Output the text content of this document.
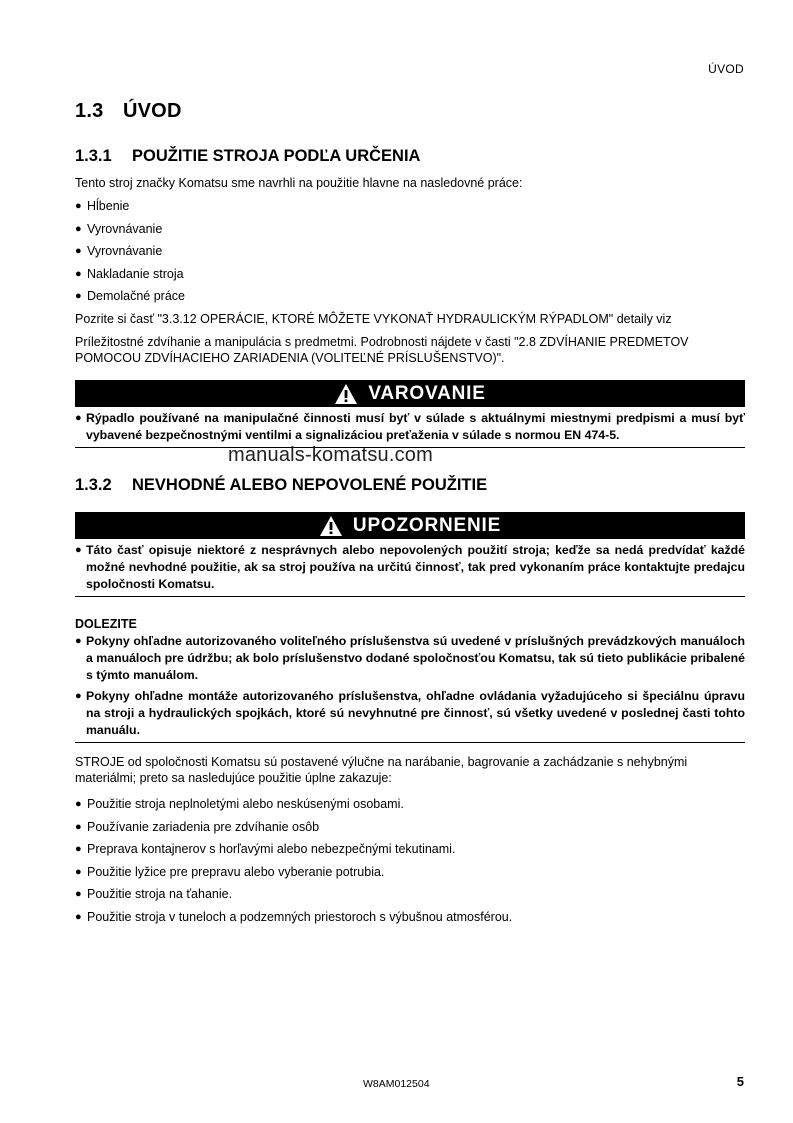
ÚVOD
1.3 ÚVOD
1.3.1 POUŽITIE STROJA PODĽA URČENIA
Tento stroj značky Komatsu sme navrhli na použitie hlavne na nasledovné práce:
● Hĺbenie
● Vyrovnávanie
● Vyrovnávanie
● Nakladanie stroja
● Demolačné práce
Pozrite si časť "3.3.12 OPERÁCIE, KTORÉ MÔŽETE VYKONAŤ HYDRAULICKÝM RÝPADLOM" detaily viz
Príležitostné zdvíhanie a manipulácia s predmetmi. Podrobnosti nájdete v časti "2.8 ZDVÍHANIE PREDMETOV
POMOCOU ZDVÍHACIEHO ZARIADENIA (VOLITEĽNÉ PRÍSLUŠENSTVO)".
VAROVANIE
● Rýpadlo používané na manipulačné činnosti musí byť v súlade s aktuálnymi miestnymi predpismi a musí byť vybavené bezpečnostnými ventilmi a signalizáciou preťaženia v súlade s normou EN 474-5.
manuals-komatsu.com
1.3.2 NEVHODNÉ ALEBO NEPOVOLENÉ POUŽITIE
UPOZORNENIE
● Táto časť opisuje niektoré z nesprávnych alebo nepovolených použití stroja; keďže sa nedá predvídať každé možné nevhodné použitie, ak sa stroj používa na určitú činnosť, tak pred vykonaním práce kontaktujte predajcu spoločnosti Komatsu.
DOLEZITE
● Pokyny ohľadne autorizovaného voliteľného príslušenstva sú uvedené v príslušných prevádzkových manuáloch a manuáloch pre údržbu; ak bolo príslušenstvo dodané spoločnosťou Komatsu, tak sú tieto publikácie pribalené s týmto manuálom.
● Pokyny ohľadne montáže autorizovaného príslušenstva, ohľadne ovládania vyžadujúceho si špeciálnu úpravu na stroji a hydraulických spojkách, ktoré sú nevyhnutné pre činnosť, sú všetky uvedené v poslednej časti tohto manuálu.
STROJE od spoločnosti Komatsu sú postavené výlučne na narábanie, bagrovanie a zachádzanie s nehybnými
materiálmi; preto sa nasledujúce použitie úplne zakazuje:
● Použitie stroja neplnoletými alebo neskúsenými osobami.
● Používanie zariadenia pre zdvíhanie osôb
● Preprava kontajnerov s horľavými alebo nebezpečnými tekutinami.
● Použitie lyžice pre prepravu alebo vyberanie potrubia.
● Použitie stroja na ťahanie.
● Použitie stroja v tuneloch a podzemných priestoroch s výbušnou atmosférou.
W8AM012504	5
